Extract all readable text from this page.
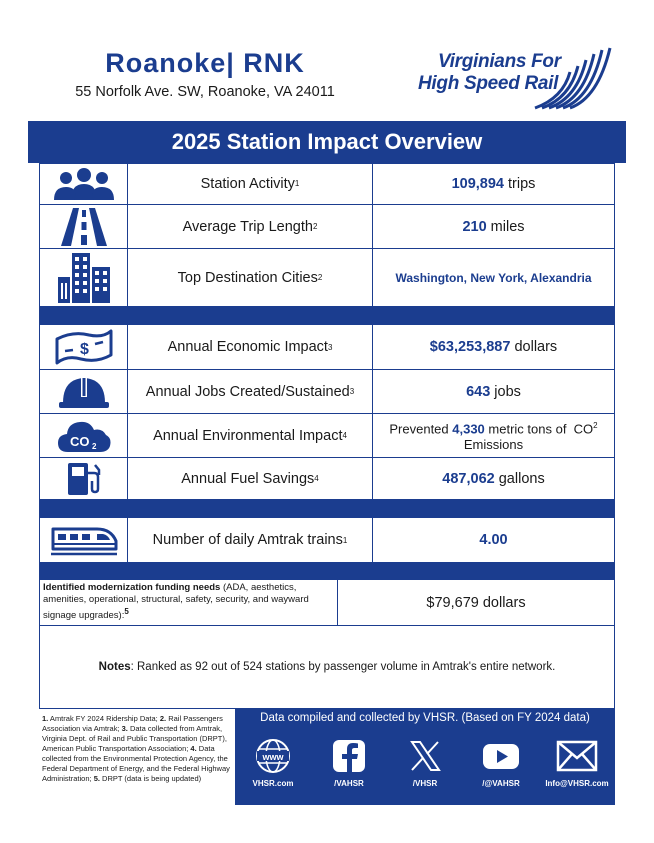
Roanoke| RNK
55 Norfolk Ave. SW, Roanoke, VA 24011
Virginians For
High Speed Rail
2025 Station Impact Overview
Station Activity 1	109,894 trips
Average Trip Length 2	210 miles
Top Destination Cities 2	Washington, New York, Alexandria
$	Annual Economic Impact 3	$63,253,887 dollars
Annual Jobs Created/Sustained 3	643 jobs
CO 2
Annual Environmental Impact 4	Prevented 4,330 metric tons of  $CO^2$
Emissions
Annual Fuel Savings 4	487,062 gallons
Number of daily Amtrak trains 1	4.00
Identified modernization funding needs (ADA, aesthetics, amenities, operational, structural, safety, security, and wayward signage upgrades):$^5$
$79,679 dollars
Notes: Ranked as 92 out of 524 stations by passenger volume in Amtrak's entire network.
1. Amtrak FY 2024 Ridership Data; 2. Rail Passengers Association via Amtrak; 3. Data collected from Amtrak, Virginia Dept. of Rail and Public Transportation (DRPT), American Public Transportation Association; 4. Data collected from the Environmental Protection Agency, the Federal Department of Energy, and the Federal Highway Administration; 5. DRPT (data is being updated)
Data compiled and collected by VHSR. (Based on FY 2024 data)
www
VHSR.com	/VAHSR	/VHSR	/@VAHSR	Info@VHSR.com
